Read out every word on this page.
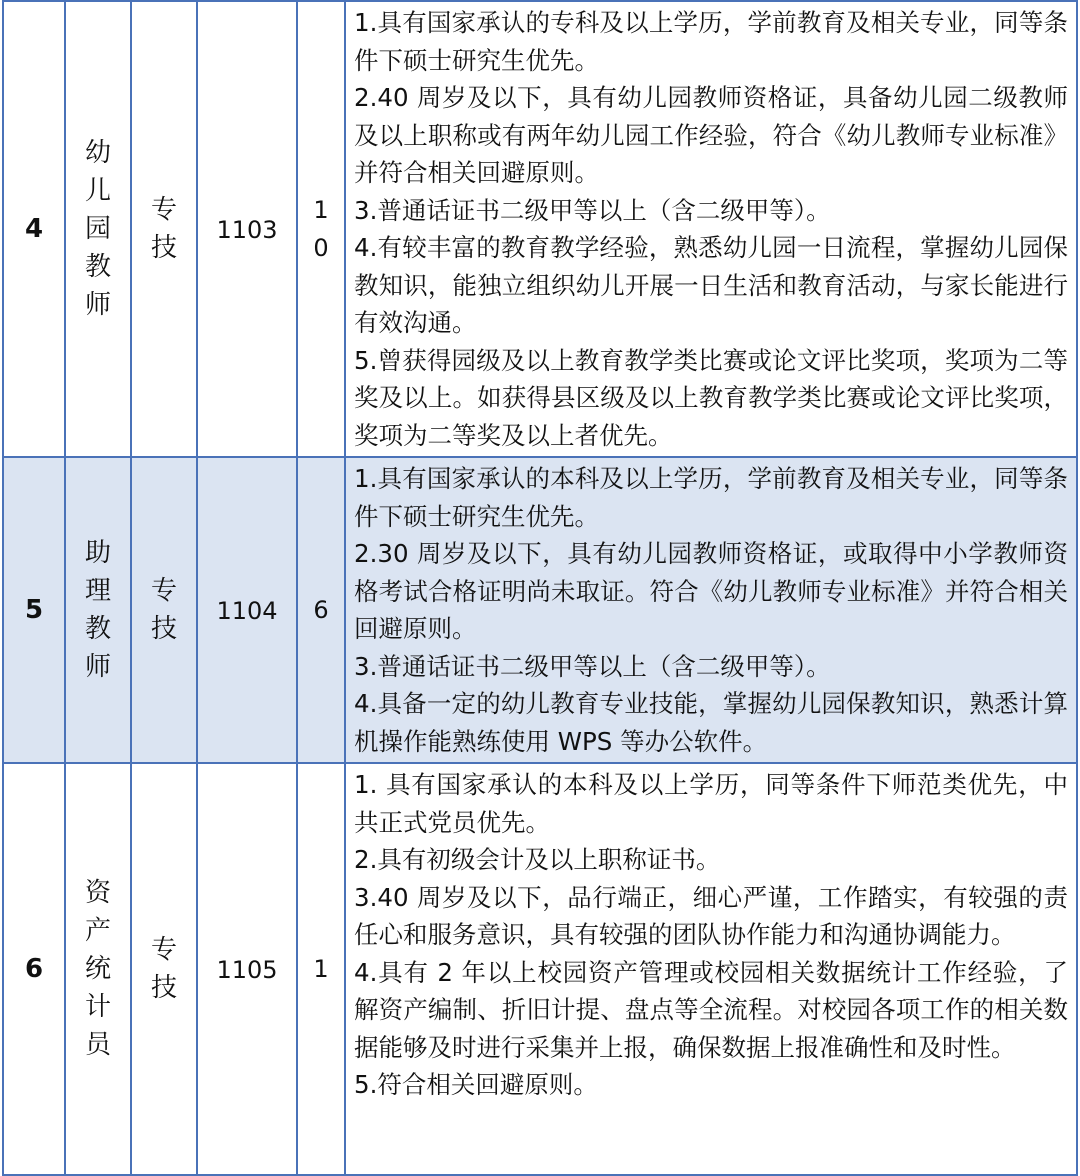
4	幼儿园教师	专技	1103	10	1.具有国家承认的专科及以上学历，学前教育及相关专业，同等条件下硕士研究生优先。
2.40 周岁及以下，具有幼儿园教师资格证，具备幼儿园二级教师及以上职称或有两年幼儿园工作经验，符合《幼儿教师专业标准》并符合相关回避原则。
3.普通话证书二级甲等以上（含二级甲等）。
4.有较丰富的教育教学经验，熟悉幼儿园一日流程，掌握幼儿园保教知识，能独立组织幼儿开展一日生活和教育活动，与家长能进行有效沟通。
5.曾获得园级及以上教育教学类比赛或论文评比奖项，奖项为二等奖及以上。如获得县区级及以上教育教学类比赛或论文评比奖项，奖项为二等奖及以上者优先。

5	助理教师	专技	1104	6	1.具有国家承认的本科及以上学历，学前教育及相关专业，同等条件下硕士研究生优先。
2.30 周岁及以下，具有幼儿园教师资格证，或取得中小学教师资格考试合格证明尚未取证。符合《幼儿教师专业标准》并符合相关回避原则。
3.普通话证书二级甲等以上（含二级甲等）。
4.具备一定的幼儿教育专业技能，掌握幼儿园保教知识，熟悉计算机操作能熟练使用 WPS 等办公软件。

6	资产统计员	专技	1105	1	1. 具有国家承认的本科及以上学历，同等条件下师范类优先，中共正式党员优先。
2.具有初级会计及以上职称证书。
3.40 周岁及以下，品行端正，细心严谨，工作踏实，有较强的责任心和服务意识，具有较强的团队协作能力和沟通协调能力。
4.具有 2 年以上校园资产管理或校园相关数据统计工作经验，了解资产编制、折旧计提、盘点等全流程。对校园各项工作的相关数据能够及时进行采集并上报，确保数据上报准确性和及时性。
5.符合相关回避原则。
